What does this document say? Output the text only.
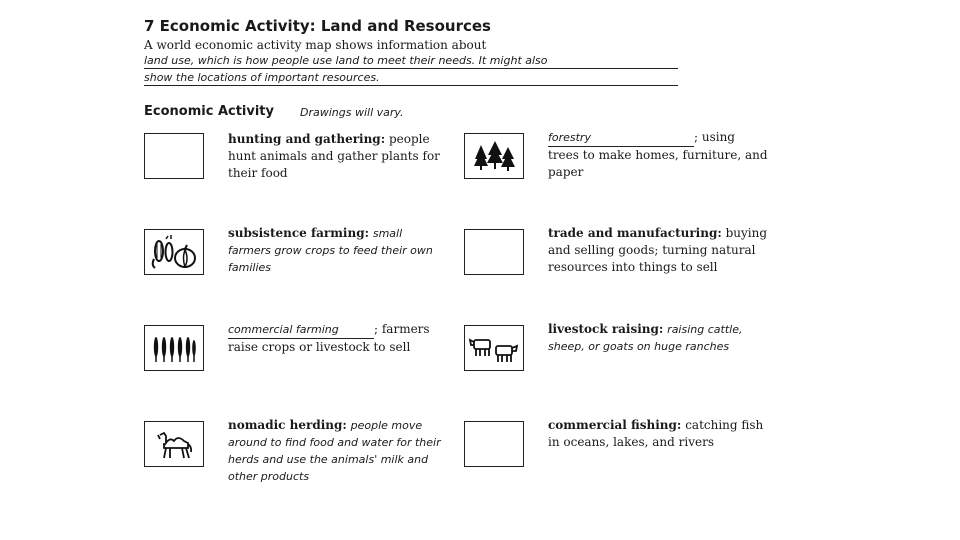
7 Economic Activity: Land and Resources
A world economic activity map shows information about
land use, which is how people use land to meet their needs. It might also
show the locations of important resources.
Economic Activity Drawings will vary.
hunting and gathering: people hunt animals and gather plants for their food
forestry	; using trees to make homes, furniture, and paper
subsistence farming: small farmers grow crops to feed their own families
trade and manufacturing: buying and selling goods; turning natural resources into things to sell
commercial farming	; farmers raise crops or livestock to sell
livestock raising: raising cattle, sheep, or goats on huge ranches
nomadic herding: people move around to find food and water for their herds and use the animals' milk and other products
commercial fishing: catching fish in oceans, lakes, and rivers
